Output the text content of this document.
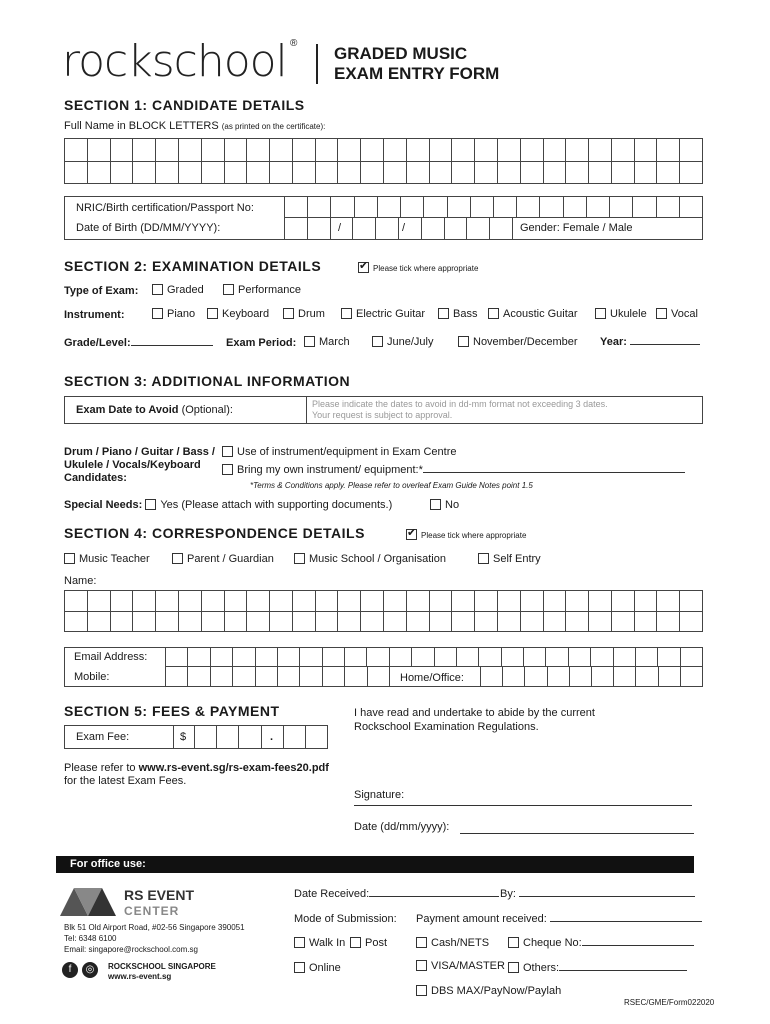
rockschool ®
GRADED MUSIC
EXAM ENTRY FORM
SECTION 1: CANDIDATE DETAILS
Full Name in BLOCK LETTERS (as printed on the certificate):
NRIC/Birth certification/Passport No:
Date of Birth (DD/MM/YYYY):	/	/	Gender: Female / Male
SECTION 2: EXAMINATION DETAILS ✔	Please tick where appropriate
Type of Exam:	Graded	Performance
Instrument:	Piano	Keyboard	Drum	Electric Guitar	Bass	Acoustic Guitar	Ukulele	Vocal
Grade/Level:	Exam Period:	March	June/July	November/December Year:
SECTION 3: ADDITIONAL INFORMATION
Exam Date to Avoid (Optional):	Please indicate the dates to avoid in dd-mm format not exceeding 3 dates.
Your request is subject to approval.
Drum / Piano / Guitar / Bass /
Ukulele / Vocals/Keyboard
Candidates:
Use of instrument/equipment in Exam Centre
Bring my own instrument/ equipment:*
*Terms & Conditions apply. Please refer to overleaf Exam Guide Notes point 1.5
Special Needs: Yes (Please attach with supporting documents.)	No
SECTION 4: CORRESPONDENCE DETAILS ✔	Please tick where appropriate
Music Teacher	Parent / Guardian	Music School / Organisation	Self Entry
Name:
Email Address:
Mobile:	Home/Office:
SECTION 5: FEES & PAYMENT
Exam Fee:	$	.
Please refer to www.rs-event.sg/rs-exam-fees20.pdf
for the latest Exam Fees.
I have read and undertake to abide by the current
Rockschool Examination Regulations.
Signature:
Date (dd/mm/yyyy):
For office use:
RS EVENT
CENTER
Blk 51 Old Airport Road, #02-56 Singapore 390051
Tel: 6348 6100
Email: singapore@rockschool.com.sg
f ◎	ROCKSCHOOL SINGAPORE
www.rs-event.sg
Date Received:	By:
Mode of Submission: Payment amount received:
Walk In	Post	Cash/NETS	Cheque No:
Online	VISA/MASTER	Others:
DBS MAX/PayNow/Paylah
RSEC/GME/Form022020
